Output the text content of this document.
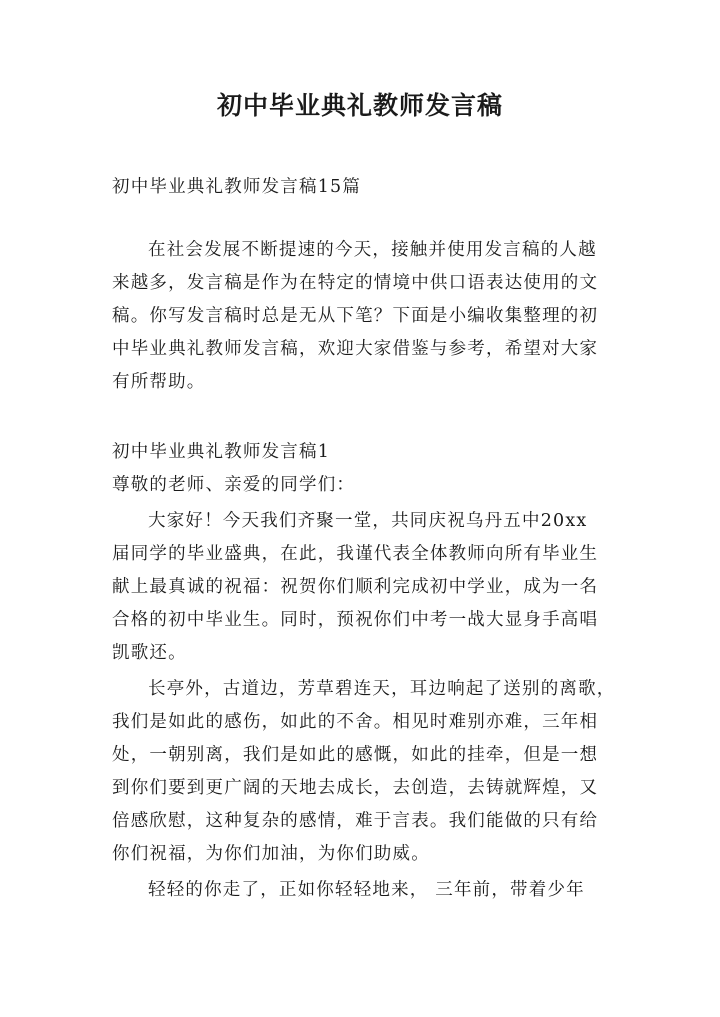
初中毕业典礼教师发言稿
初中毕业典礼教师发言稿15篇
在社会发展不断提速的今天，接触并使用发言稿的人越
来越多，发言稿是作为在特定的情境中供口语表达使用的文
稿。你写发言稿时总是无从下笔？下面是小编收集整理的初
中毕业典礼教师发言稿，欢迎大家借鉴与参考，希望对大家
有所帮助。
初中毕业典礼教师发言稿1
尊敬的老师、亲爱的同学们：
大家好！今天我们齐聚一堂，共同庆祝乌丹五中20xx
届同学的毕业盛典，在此，我谨代表全体教师向所有毕业生
献上最真诚的祝福：祝贺你们顺利完成初中学业，成为一名
合格的初中毕业生。同时，预祝你们中考一战大显身手高唱
凯歌还。
长亭外，古道边，芳草碧连天，耳边响起了送别的离歌，
我们是如此的感伤，如此的不舍。相见时难别亦难，三年相
处，一朝别离，我们是如此的感慨，如此的挂牵，但是一想
到你们要到更广阔的天地去成长，去创造，去铸就辉煌，又
倍感欣慰，这种复杂的感情，难于言表。我们能做的只有给
你们祝福，为你们加油，为你们助威。
轻轻的你走了，正如你轻轻地来， 三年前，带着少年
